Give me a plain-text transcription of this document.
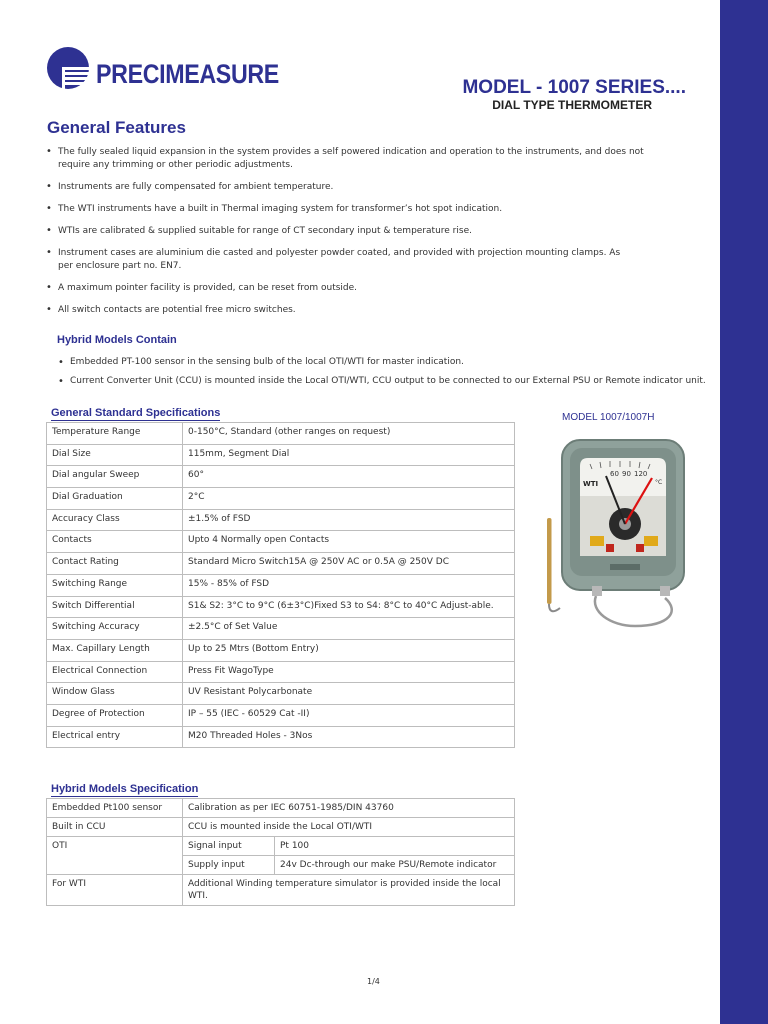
PRECIMEASURE	MODEL - 1007 SERIES....
DIAL TYPE THERMOMETER
General Features
• The fully sealed liquid expansion in the system provides a self powered indication and operation to the instruments, and does not require any trimming or other periodic adjustments.
• Instruments are fully compensated for ambient temperature.
• The WTI instruments have a built in Thermal imaging system for transformer’s hot spot indication.
• WTIs are calibrated & supplied suitable for range of CT secondary input & temperature rise.
• Instrument cases are aluminium die casted and polyester powder coated, and provided with projection mounting clamps. As per enclosure part no. EN7.
• A maximum pointer facility is provided, can be reset from outside.
• All switch contacts are potential free micro switches.
Hybrid Models Contain
• Embedded PT-100 sensor in the sensing bulb of the local OTI/WTI for master indication.
• Current Converter Unit (CCU) is mounted inside the Local OTI/WTI, CCU output to be connected to our External PSU or Remote indicator unit.
General Standard Specifications
Temperature Range	0-150°C, Standard (other ranges on request)
Dial Size	115mm, Segment Dial
Dial angular Sweep	60°
Dial Graduation	2°C
Accuracy Class	±1.5% of FSD
Contacts	Upto 4 Normally open Contacts
Contact Rating	Standard Micro Switch15A @ 250V AC or 0.5A @ 250V DC
Switching Range	15% - 85% of FSD
Switch Differential	S1& S2: 3°C to 9°C (6±3°C)Fixed S3 to S4: 8°C to 40°C Adjust-able.
Switching Accuracy	±2.5°C of Set Value
Max. Capillary Length	Up to 25 Mtrs (Bottom Entry)
Electrical Connection	Press Fit WagoType
Window Glass	UV Resistant Polycarbonate
Degree of Protection	IP – 55 (IEC - 60529 Cat -II)
Electrical entry	M20 Threaded Holes - 3Nos
Hybrid Models Specification
Embedded Pt100 sensor	Calibration as per IEC 60751-1985/DIN 43760	
Built in CCU	CCU is mounted inside the Local OTI/WTI	
OTI	Signal input	Pt 100
	Supply input	24v Dc-through our make PSU/Remote indicator
For WTI	Additional Winding temperature simulator is provided inside the local WTI.	
MODEL 1007/1007H
60 90 120
°C
WTI
1/4
